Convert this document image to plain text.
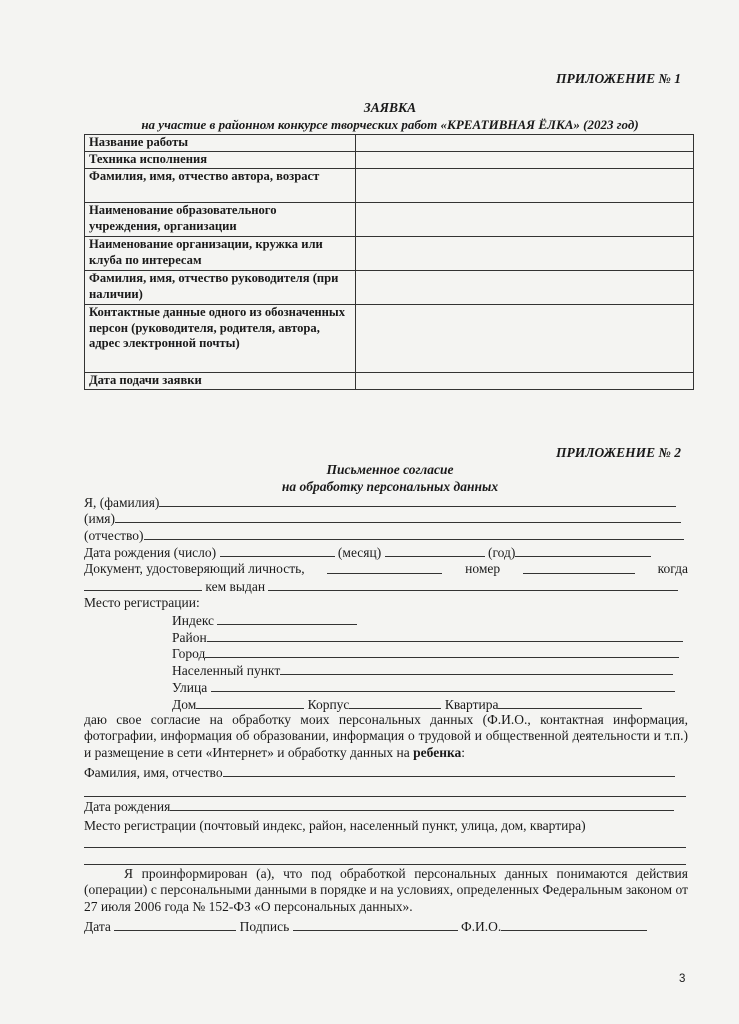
ПРИЛОЖЕНИЕ № 1
ЗАЯВКА
на участие в районном конкурсе творческих работ «КРЕАТИВНАЯ ЁЛКА» (2023 год)
Название работы	
Техника исполнения	
Фамилия, имя, отчество автора, возраст	
Наименование образовательного учреждения, организации	
Наименование организации, кружка или клуба по интересам	
Фамилия, имя, отчество руководителя (при наличии)	
Контактные данные одного из обозначенных персон (руководителя, родителя, автора, адрес электронной почты)	
Дата подачи заявки	
ПРИЛОЖЕНИЕ № 2
Письменное согласие
на обработку персональных данных
Я, (фамилия)
(имя)
(отчество)
Дата рождения (число)	(месяц)	(год)
Документ, удостоверяющий личность,	номер	когда
кем выдан
Место регистрации:
Индекс
Район
Город
Населенный пункт
Улица
Дом	Корпус	Квартира
даю свое согласие на обработку моих персональных данных (Ф.И.О., контактная информация, фотографии, информация об образовании, информация о трудовой и общественной деятельности и т.п.) и размещение в сети «Интернет» и обработку данных на ребенка:
Фамилия, имя, отчество
Дата рождения
Место регистрации (почтовый индекс, район, населенный пункт, улица, дом, квартира)
Я проинформирован (а), что под обработкой персональных данных понимаются действия (операции) с персональными данными в порядке и на условиях, определенных Федеральным законом от 27 июля 2006 года № 152-ФЗ «О персональных данных».
Дата	Подпись	Ф.И.О.
3
